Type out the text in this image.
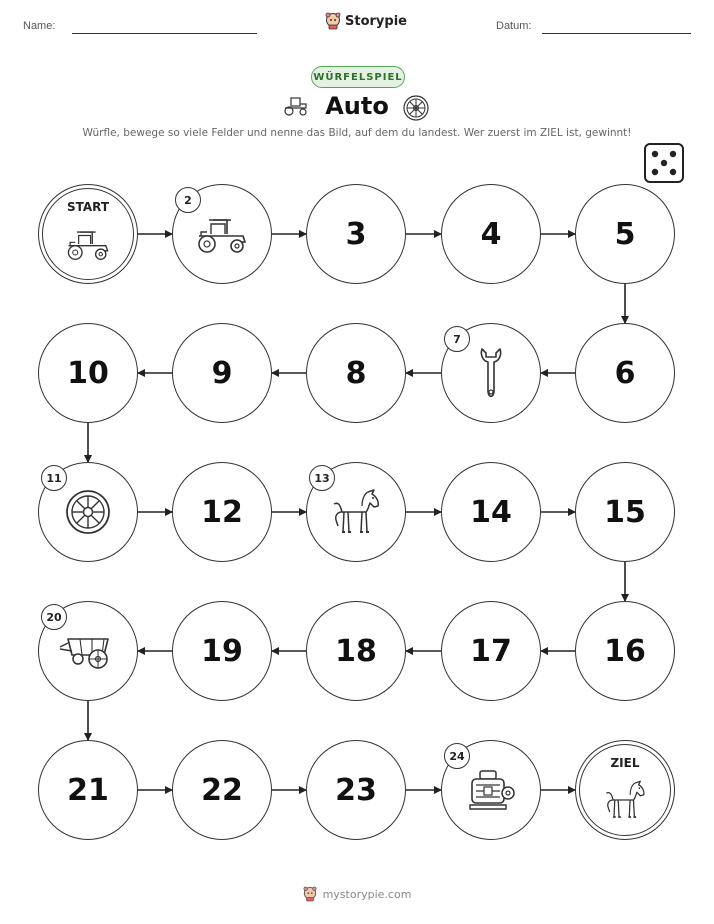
Name:	Storypie	Datum:
WÜRFELSPIEL
Auto
Würfle, bewege so viele Felder und nenne das Bild, auf dem du landest. Wer zuerst im ZIEL ist, gewinnt!
START	2
3	4	5
6
7
8
9
10
11
12
13
14	15
16
17
18
19
20
21	22	23
24	ZIEL
mystorypie.com
